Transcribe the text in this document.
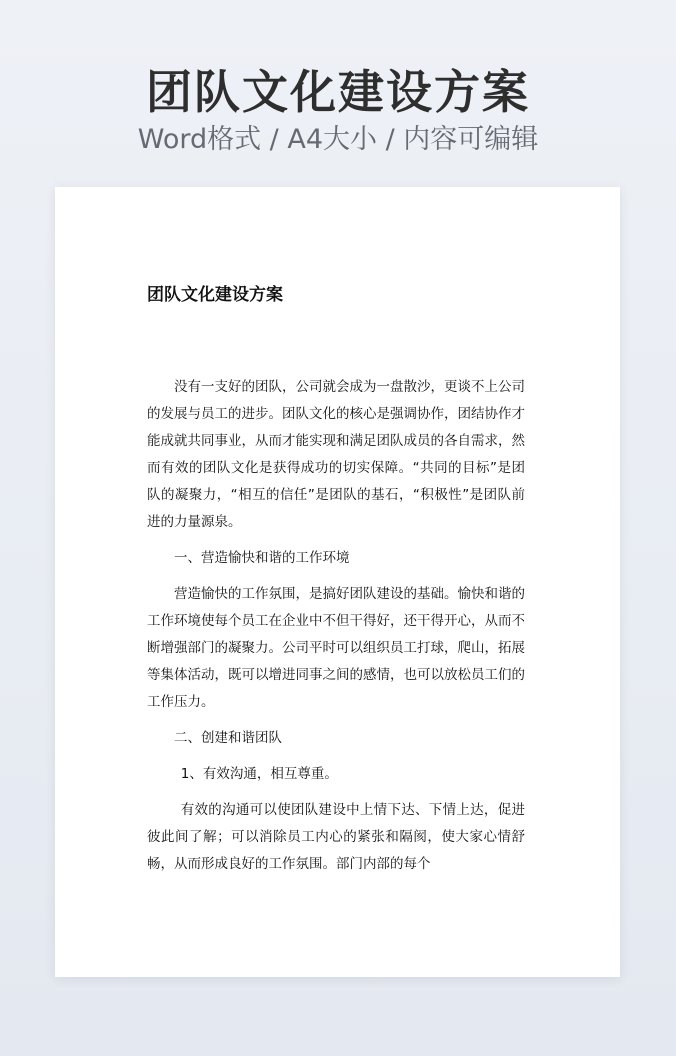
团队文化建设方案
Word格式 / A4大小 / 内容可编辑
团队文化建设方案

没有一支好的团队，公司就会成为一盘散沙，更谈不上公司的发展与员工的进步。团队文化的核心是强调协作，团结协作才能成就共同事业，从而才能实现和满足团队成员的各自需求，然而有效的团队文化是获得成功的切实保障。“共同的目标”是团队的凝聚力，“相互的信任”是团队的基石，“积极性”是团队前进的力量源泉。

一、营造愉快和谐的工作环境

营造愉快的工作氛围，是搞好团队建设的基础。愉快和谐的工作环境使每个员工在企业中不但干得好，还干得开心，从而不断增强部门的凝聚力。公司平时可以组织员工打球，爬山，拓展等集体活动，既可以增进同事之间的感情，也可以放松员工们的工作压力。

二、创建和谐团队

1、有效沟通，相互尊重。

有效的沟通可以使团队建设中上情下达、下情上达，促进彼此间了解；可以消除员工内心的紧张和隔阂，使大家心情舒畅，从而形成良好的工作氛围。部门内部的每个
